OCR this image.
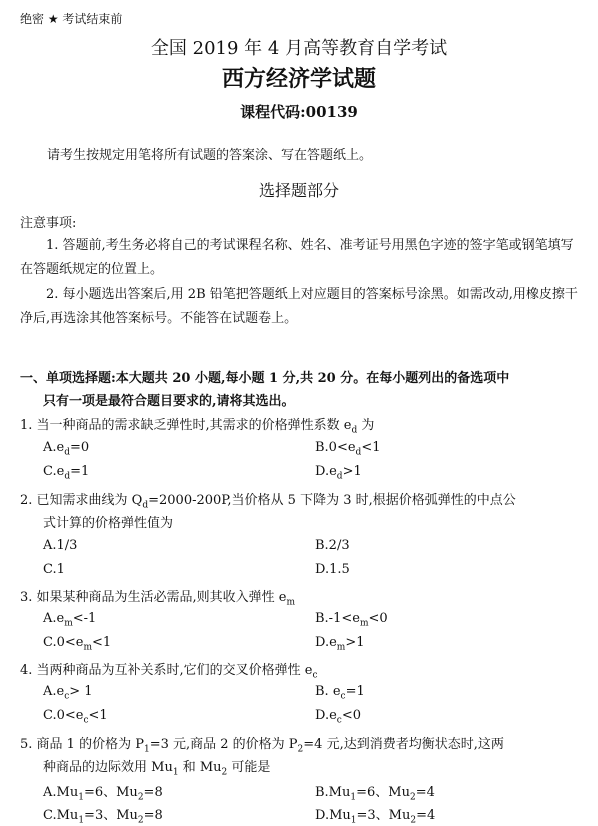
绝密 ★ 考试结束前
全国 2019 年 4 月高等教育自学考试
西方经济学试题
课程代码:00139
请考生按规定用笔将所有试题的答案涂、写在答题纸上。
选择题部分
注意事项:
1. 答题前,考生务必将自己的考试课程名称、姓名、准考证号用黑色字迹的签字笔或钢笔填写在答题纸规定的位置上。
2. 每小题选出答案后,用 2B 铅笔把答题纸上对应题目的答案标号涂黑。如需改动,用橡皮擦干净后,再选涂其他答案标号。不能答在试题卷上。
一、单项选择题:本大题共 20 小题,每小题 1 分,共 20 分。在每小题列出的备选项中
只有一项是最符合题目要求的,请将其选出。
1. 当一种商品的需求缺乏弹性时,其需求的价格弹性系数 $e_d$ 为
$A.e_d=0$	$B.0<e_d<1$
$C.e_d=1$	$D.e_d>1$
2. 已知需求曲线为 $Q_d=2000-200P$,当价格从 5 下降为 3 时,根据价格弧弹性的中点公
式计算的价格弹性值为
A.1/3	B.2/3
C.1	D.1.5
3. 如果某种商品为生活必需品,则其收入弹性 $e_m$
$A.e_m<-1$	$B.-1<e_m<0$
$C.0<e_m<1$	$D.e_m>1$
4. 当两种商品为互补关系时,它们的交叉价格弹性 $e_c$
$A.e_c> 1$	B. $e_c=1$
$C.0<e_c<1$	$D.e_c<0$
5. 商品 1 的价格为 $P_1=3$ 元,商品 2 的价格为 $P_2=4$ 元,达到消费者均衡状态时,这两
种商品的边际效用 $Mu_1$ 和 $Mu_2$ 可能是
$A.Mu_1=6$、$Mu_2=8$	$B.Mu_1=6$、$Mu_2=4$
$C.Mu_1=3$、$Mu_2=8$	$D.Mu_1=3$、$Mu_2=4$
